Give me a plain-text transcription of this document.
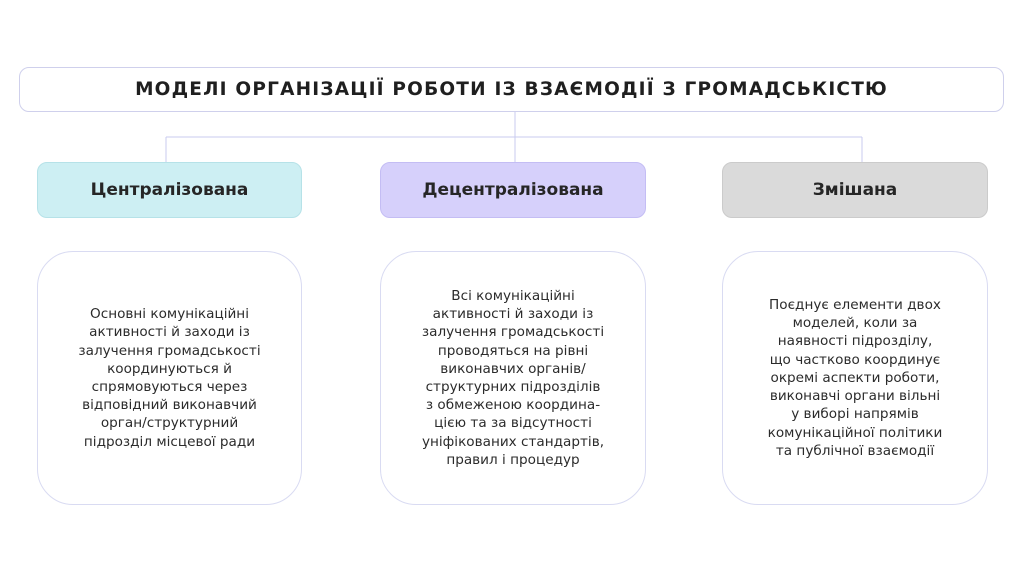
МОДЕЛІ ОРГАНІЗАЦІЇ РОБОТИ ІЗ ВЗАЄМОДІЇ З ГРОМАДСЬКІСТЮ
Централізована	Децентралізована	Змішана
Основні комунікаційні
активності й заходи із
залучення громадськості
координуються й
спрямовуються через
відповідний виконавчий
орган/структурний
підрозділ місцевої ради
Всі комунікаційні
активності й заходи із
залучення громадськості
проводяться на рівні
виконавчих органів/
структурних підрозділів
з обмеженою координа-
цією та за відсутності
уніфікованих стандартів,
правил і процедур
Поєднує елементи двох
моделей, коли за
наявності підрозділу,
що частково координує
окремі аспекти роботи,
виконавчі органи вільні
у виборі напрямів
комунікаційної політики
та публічної взаємодії
